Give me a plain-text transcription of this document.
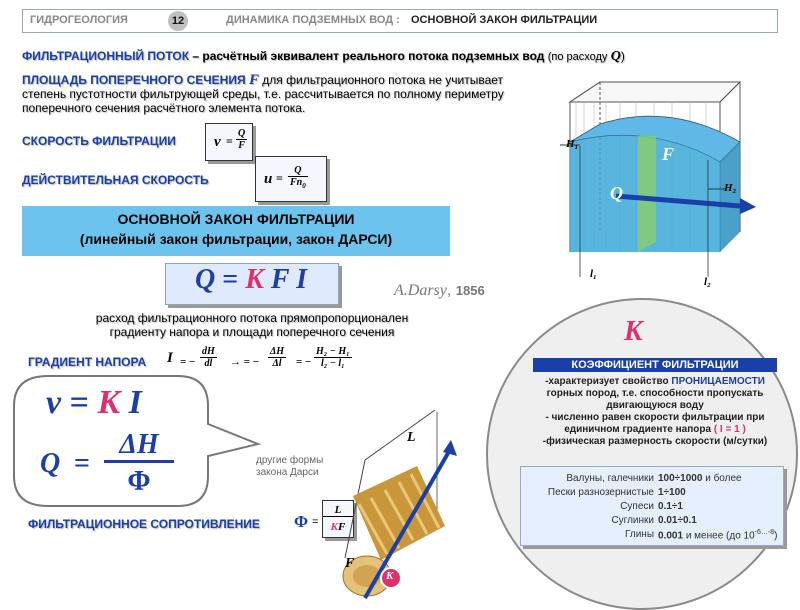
ГИДРОГЕОЛОГИЯ	12	ДИНАМИКА ПОДЗЕМНЫХ ВОД : ОСНОВНОЙ ЗАКОН ФИЛЬТРАЦИИ
ФИЛЬТРАЦИОННЫЙ ПОТОК – расчётный эквивалент реального потока подземных вод (по расходу Q)
ПЛОЩАДЬ ПОПЕРЕЧНОГО СЕЧЕНИЯ F для фильтрационного потока не учитывает
степень пустотности фильтрующей среды, т.е. рассчитывается по полному периметру
поперечного сечения расчётного элемента потока.
СКОРОСТЬ ФИЛЬТРАЦИИ	$v = \frac{Q}{F}$
ДЕЙСТВИТЕЛЬНАЯ СКОРОСТЬ	$u = \frac{Q}{Fn_0}$
ОСНОВНОЙ ЗАКОН ФИЛЬТРАЦИИ
(линейный закон фильтрации, закон ДАРСИ)
Q = K F I	A.Darsy, 1856
расход фильтрационного потока прямопропорционален
градиенту напора и площади поперечного сечения
ГРАДИЕНТ НАПОРА I = − $\frac{dH}{dl}$ → = − $\frac{\Delta H}{\Delta l}$ = − $\frac{\text{H₂ − H₁}}{\text{l₂ − l₁}}$
v = K I
Q =
ΔH
Φ
другие формы
закона Дарси
ФИЛЬТРАЦИОННОЕ СОПРОТИВЛЕНИЕ $\Phi = \frac{L}{KF}$
H₁
H₂
F
Q
l₁
l₂
L
F
K
K
КОЭФФИЦИЕНТ ФИЛЬТРАЦИИ
-характеризует свойство ПРОНИЦАЕМОСТИ
горных пород, т.е. способности пропускать
двигающуюся воду
- численно равен скорости фильтрации при
единичном градиенте напора ( I = 1 )
-физическая размерность скорости (м/сутки)
Валуны, галечники 100÷1000 и более
Пески разнозернистые 1÷100
Супеси 0.1÷1
Суглинки 0.01÷0.1
Глины 0.001 и менее (до $10^{-6\dots-8}$)
